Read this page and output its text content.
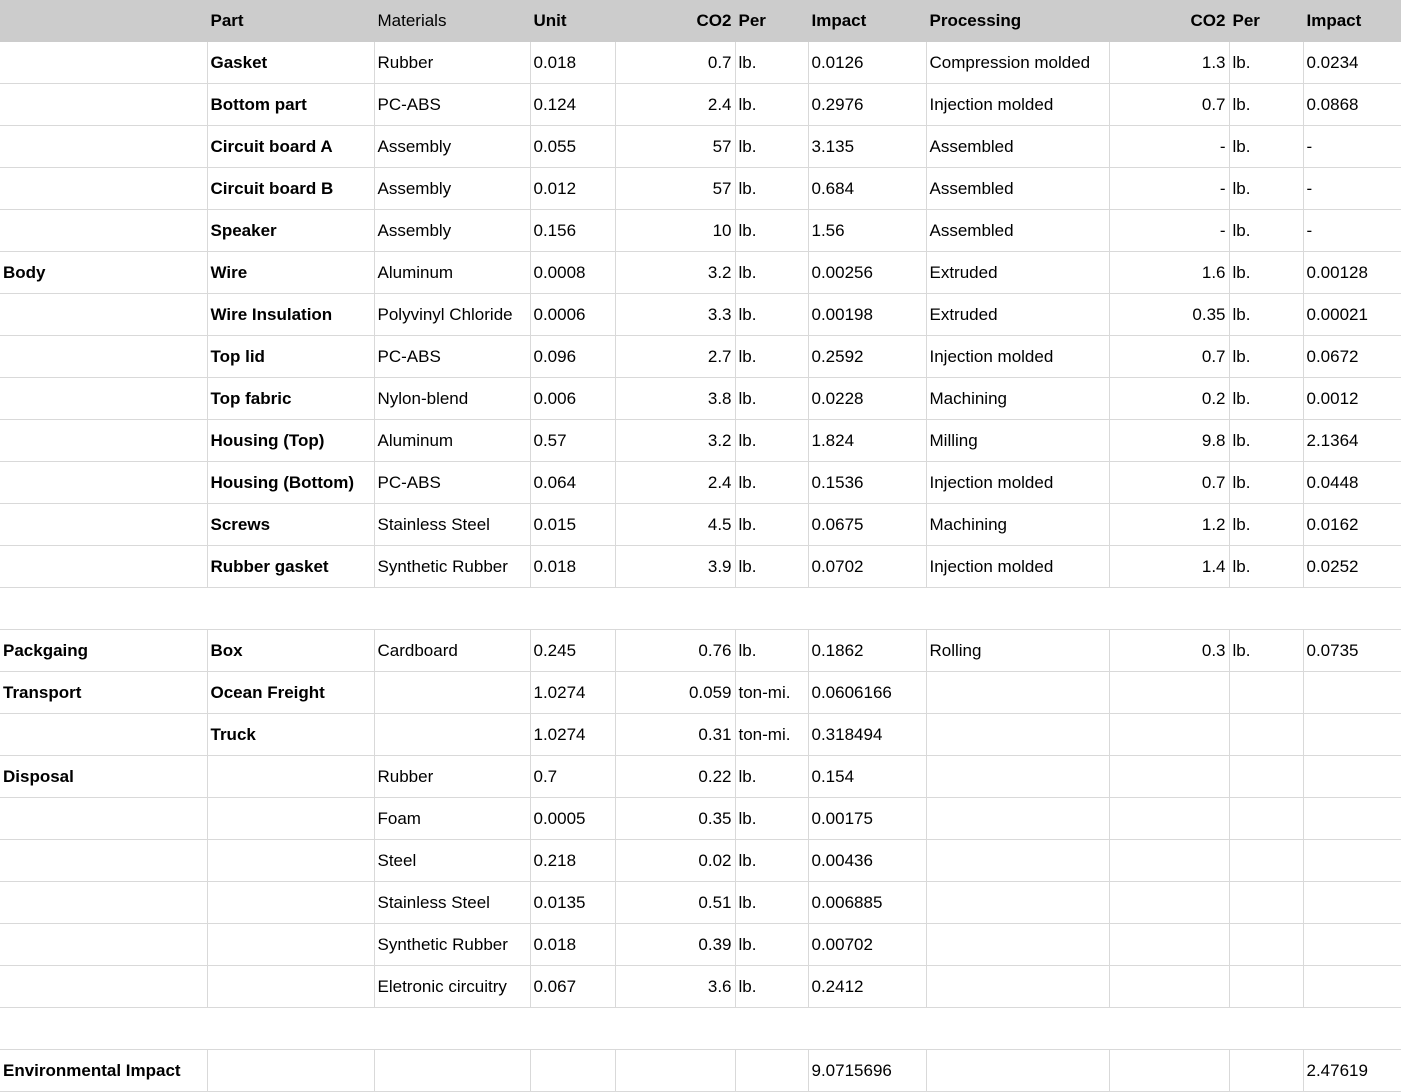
	Part	Materials	Unit	CO2	Per	Impact	Processing	CO2	Per	Impact
	Gasket	Rubber	0.018	0.7	lb.	0.0126	Compression molded	1.3	lb.	0.0234
	Bottom part	PC-ABS	0.124	2.4	lb.	0.2976	Injection molded	0.7	lb.	0.0868
	Circuit board A	Assembly	0.055	57	lb.	3.135	Assembled	-	lb.	-
	Circuit board B	Assembly	0.012	57	lb.	0.684	Assembled	-	lb.	-
	Speaker	Assembly	0.156	10	lb.	1.56	Assembled	-	lb.	-
Body	Wire	Aluminum	0.0008	3.2	lb.	0.00256	Extruded	1.6	lb.	0.00128
	Wire Insulation	Polyvinyl Chloride	0.0006	3.3	lb.	0.00198	Extruded	0.35	lb.	0.00021
	Top lid	PC-ABS	0.096	2.7	lb.	0.2592	Injection molded	0.7	lb.	0.0672
	Top fabric	Nylon-blend	0.006	3.8	lb.	0.0228	Machining	0.2	lb.	0.0012
	Housing (Top)	Aluminum	0.57	3.2	lb.	1.824	Milling	9.8	lb.	2.1364
	Housing (Bottom)	PC-ABS	0.064	2.4	lb.	0.1536	Injection molded	0.7	lb.	0.0448
	Screws	Stainless Steel	0.015	4.5	lb.	0.0675	Machining	1.2	lb.	0.0162
	Rubber gasket	Synthetic Rubber	0.018	3.9	lb.	0.0702	Injection molded	1.4	lb.	0.0252

Packgaing	Box	Cardboard	0.245	0.76	lb.	0.1862	Rolling	0.3	lb.	0.0735
Transport	Ocean Freight		1.0274	0.059	ton-mi.	0.0606166				
	Truck		1.0274	0.31	ton-mi.	0.318494				
Disposal		Rubber	0.7	0.22	lb.	0.154				
		Foam	0.0005	0.35	lb.	0.00175				
		Steel	0.218	0.02	lb.	0.00436				
		Stainless Steel	0.0135	0.51	lb.	0.006885				
		Synthetic Rubber	0.018	0.39	lb.	0.00702				
		Eletronic circuitry	0.067	3.6	lb.	0.2412				

Environmental Impact						9.0715696				2.47619
